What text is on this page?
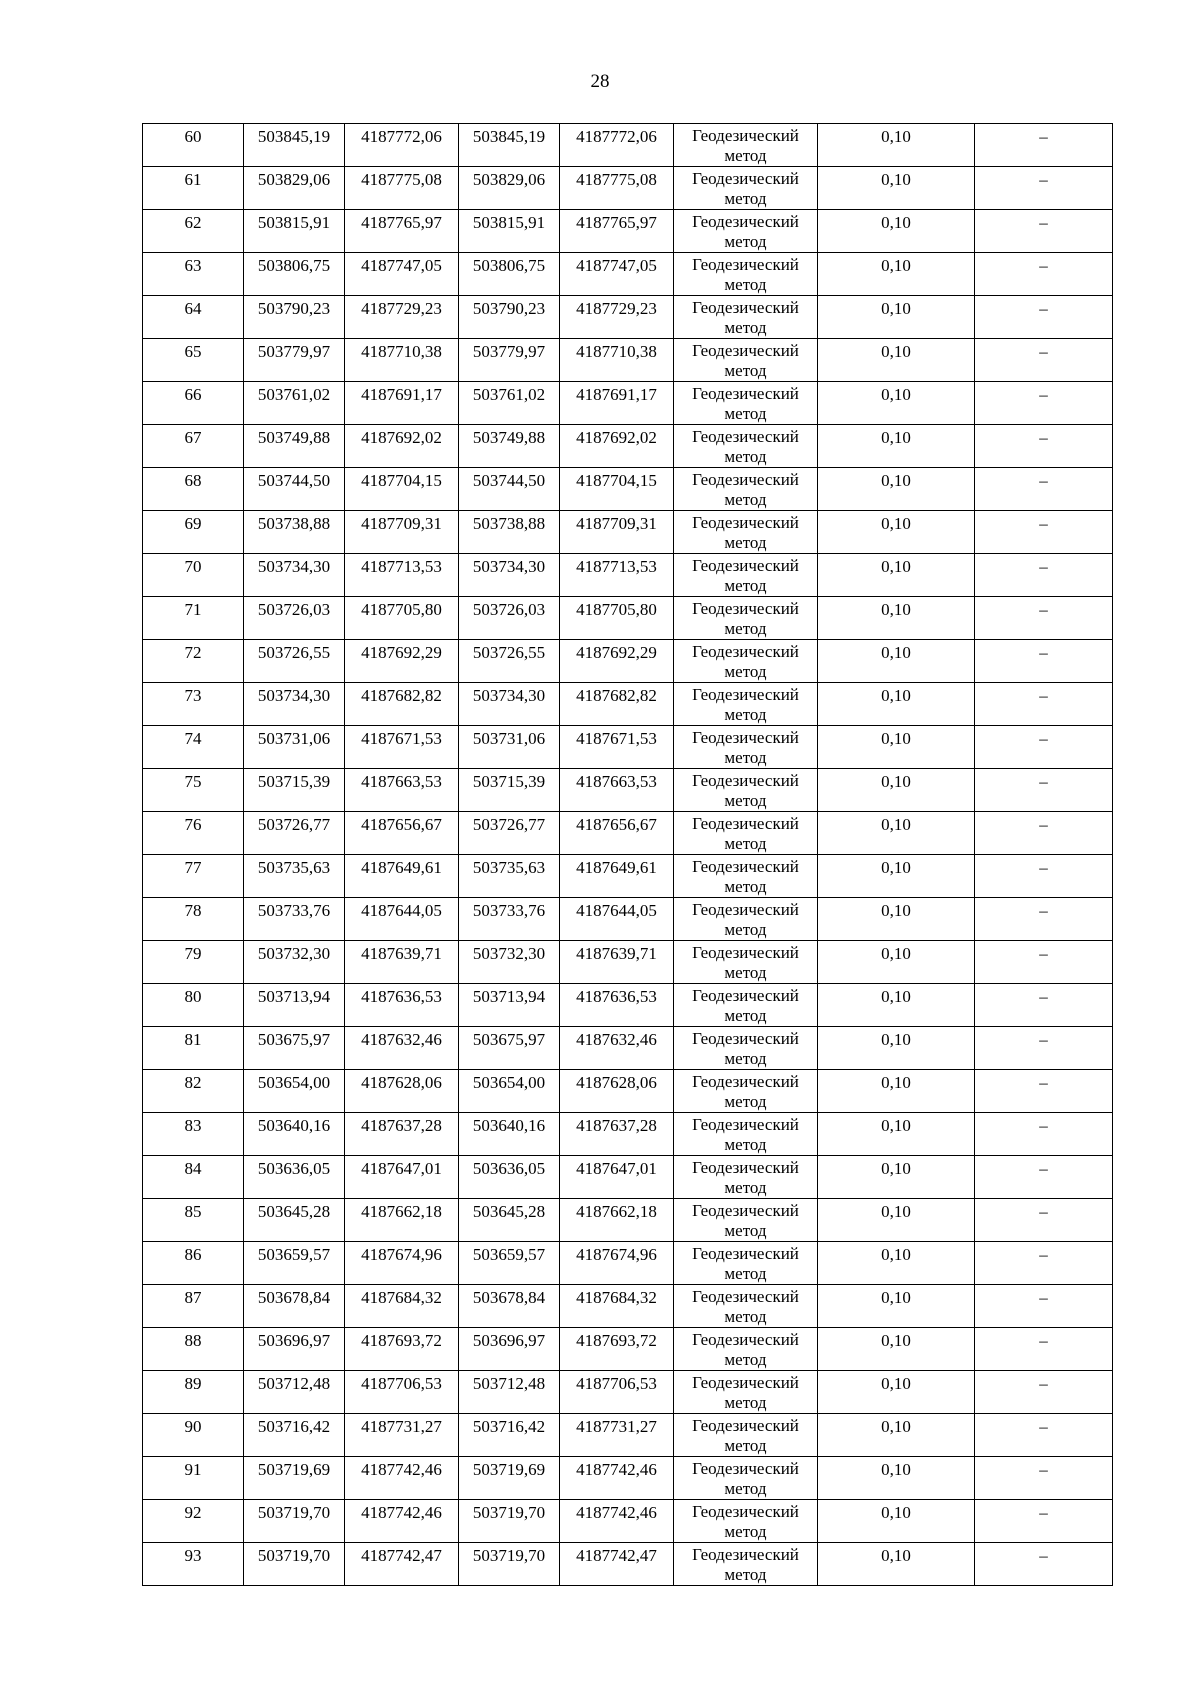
28
60	503845,19	4187772,06	503845,19	4187772,06	Геодезический метод	0,10	–
61	503829,06	4187775,08	503829,06	4187775,08	Геодезический метод	0,10	–
62	503815,91	4187765,97	503815,91	4187765,97	Геодезический метод	0,10	–
63	503806,75	4187747,05	503806,75	4187747,05	Геодезический метод	0,10	–
64	503790,23	4187729,23	503790,23	4187729,23	Геодезический метод	0,10	–
65	503779,97	4187710,38	503779,97	4187710,38	Геодезический метод	0,10	–
66	503761,02	4187691,17	503761,02	4187691,17	Геодезический метод	0,10	–
67	503749,88	4187692,02	503749,88	4187692,02	Геодезический метод	0,10	–
68	503744,50	4187704,15	503744,50	4187704,15	Геодезический метод	0,10	–
69	503738,88	4187709,31	503738,88	4187709,31	Геодезический метод	0,10	–
70	503734,30	4187713,53	503734,30	4187713,53	Геодезический метод	0,10	–
71	503726,03	4187705,80	503726,03	4187705,80	Геодезический метод	0,10	–
72	503726,55	4187692,29	503726,55	4187692,29	Геодезический метод	0,10	–
73	503734,30	4187682,82	503734,30	4187682,82	Геодезический метод	0,10	–
74	503731,06	4187671,53	503731,06	4187671,53	Геодезический метод	0,10	–
75	503715,39	4187663,53	503715,39	4187663,53	Геодезический метод	0,10	–
76	503726,77	4187656,67	503726,77	4187656,67	Геодезический метод	0,10	–
77	503735,63	4187649,61	503735,63	4187649,61	Геодезический метод	0,10	–
78	503733,76	4187644,05	503733,76	4187644,05	Геодезический метод	0,10	–
79	503732,30	4187639,71	503732,30	4187639,71	Геодезический метод	0,10	–
80	503713,94	4187636,53	503713,94	4187636,53	Геодезический метод	0,10	–
81	503675,97	4187632,46	503675,97	4187632,46	Геодезический метод	0,10	–
82	503654,00	4187628,06	503654,00	4187628,06	Геодезический метод	0,10	–
83	503640,16	4187637,28	503640,16	4187637,28	Геодезический метод	0,10	–
84	503636,05	4187647,01	503636,05	4187647,01	Геодезический метод	0,10	–
85	503645,28	4187662,18	503645,28	4187662,18	Геодезический метод	0,10	–
86	503659,57	4187674,96	503659,57	4187674,96	Геодезический метод	0,10	–
87	503678,84	4187684,32	503678,84	4187684,32	Геодезический метод	0,10	–
88	503696,97	4187693,72	503696,97	4187693,72	Геодезический метод	0,10	–
89	503712,48	4187706,53	503712,48	4187706,53	Геодезический метод	0,10	–
90	503716,42	4187731,27	503716,42	4187731,27	Геодезический метод	0,10	–
91	503719,69	4187742,46	503719,69	4187742,46	Геодезический метод	0,10	–
92	503719,70	4187742,46	503719,70	4187742,46	Геодезический метод	0,10	–
93	503719,70	4187742,47	503719,70	4187742,47	Геодезический метод	0,10	–
